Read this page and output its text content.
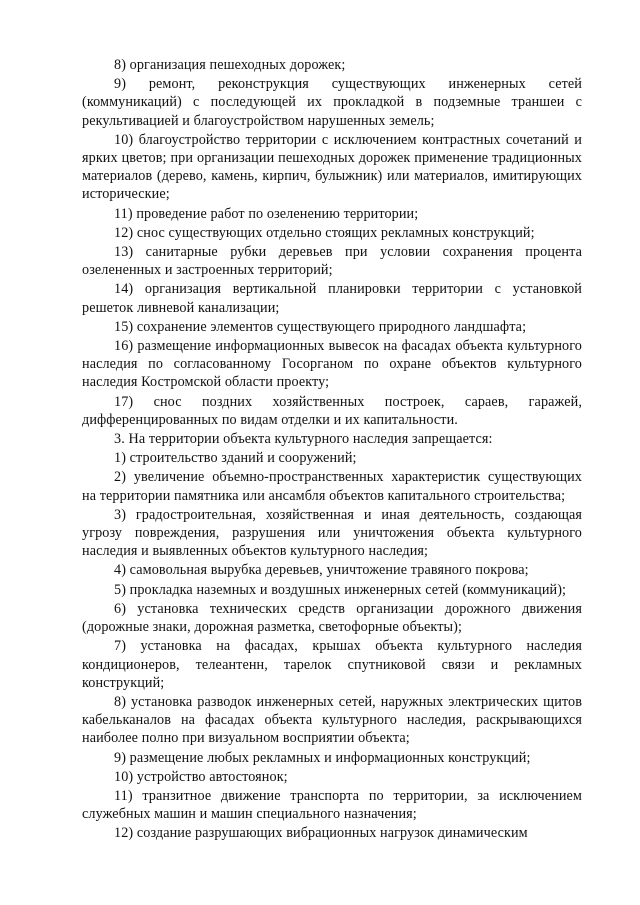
8) организация пешеходных дорожек;

9) ремонт, реконструкция существующих инженерных сетей (коммуникаций) с последующей их прокладкой в подземные траншеи с рекультивацией и благоустройством нарушенных земель;

10) благоустройство территории с исключением контрастных сочетаний и ярких цветов; при организации пешеходных дорожек применение традиционных материалов (дерево, камень, кирпич, булыжник) или материалов, имитирующих исторические;

11) проведение работ по озеленению территории;

12) снос существующих отдельно стоящих рекламных конструкций;

13) санитарные рубки деревьев при условии сохранения процента озелененных и застроенных территорий;

14) организация вертикальной планировки территории с установкой решеток ливневой канализации;

15) сохранение элементов существующего природного ландшафта;

16) размещение информационных вывесок на фасадах объекта культурного наследия по согласованному Госорганом по охране объектов культурного наследия Костромской области проекту;

17) снос поздних хозяйственных построек, сараев, гаражей, дифференцированных по видам отделки и их капитальности.

3. На территории объекта культурного наследия запрещается:

1) строительство зданий и сооружений;

2) увеличение объемно-пространственных характеристик существующих на территории памятника или ансамбля объектов капитального строительства;

3) градостроительная, хозяйственная и иная деятельность, создающая угрозу повреждения, разрушения или уничтожения объекта культурного наследия и выявленных объектов культурного наследия;

4) самовольная вырубка деревьев, уничтожение травяного покрова;

5) прокладка наземных и воздушных инженерных сетей (коммуникаций);

6) установка технических средств организации дорожного движения (дорожные знаки, дорожная разметка, светофорные объекты);

7) установка на фасадах, крышах объекта культурного наследия кондиционеров, телеантенн, тарелок спутниковой связи и рекламных конструкций;

8) установка разводок инженерных сетей, наружных электрических щитов кабельканалов на фасадах объекта культурного наследия, раскрывающихся наиболее полно при визуальном восприятии объекта;

9) размещение любых рекламных и информационных конструкций;

10) устройство автостоянок;

11) транзитное движение транспорта по территории, за исключением служебных машин и машин специального назначения;

12) создание разрушающих вибрационных нагрузок динамическим
